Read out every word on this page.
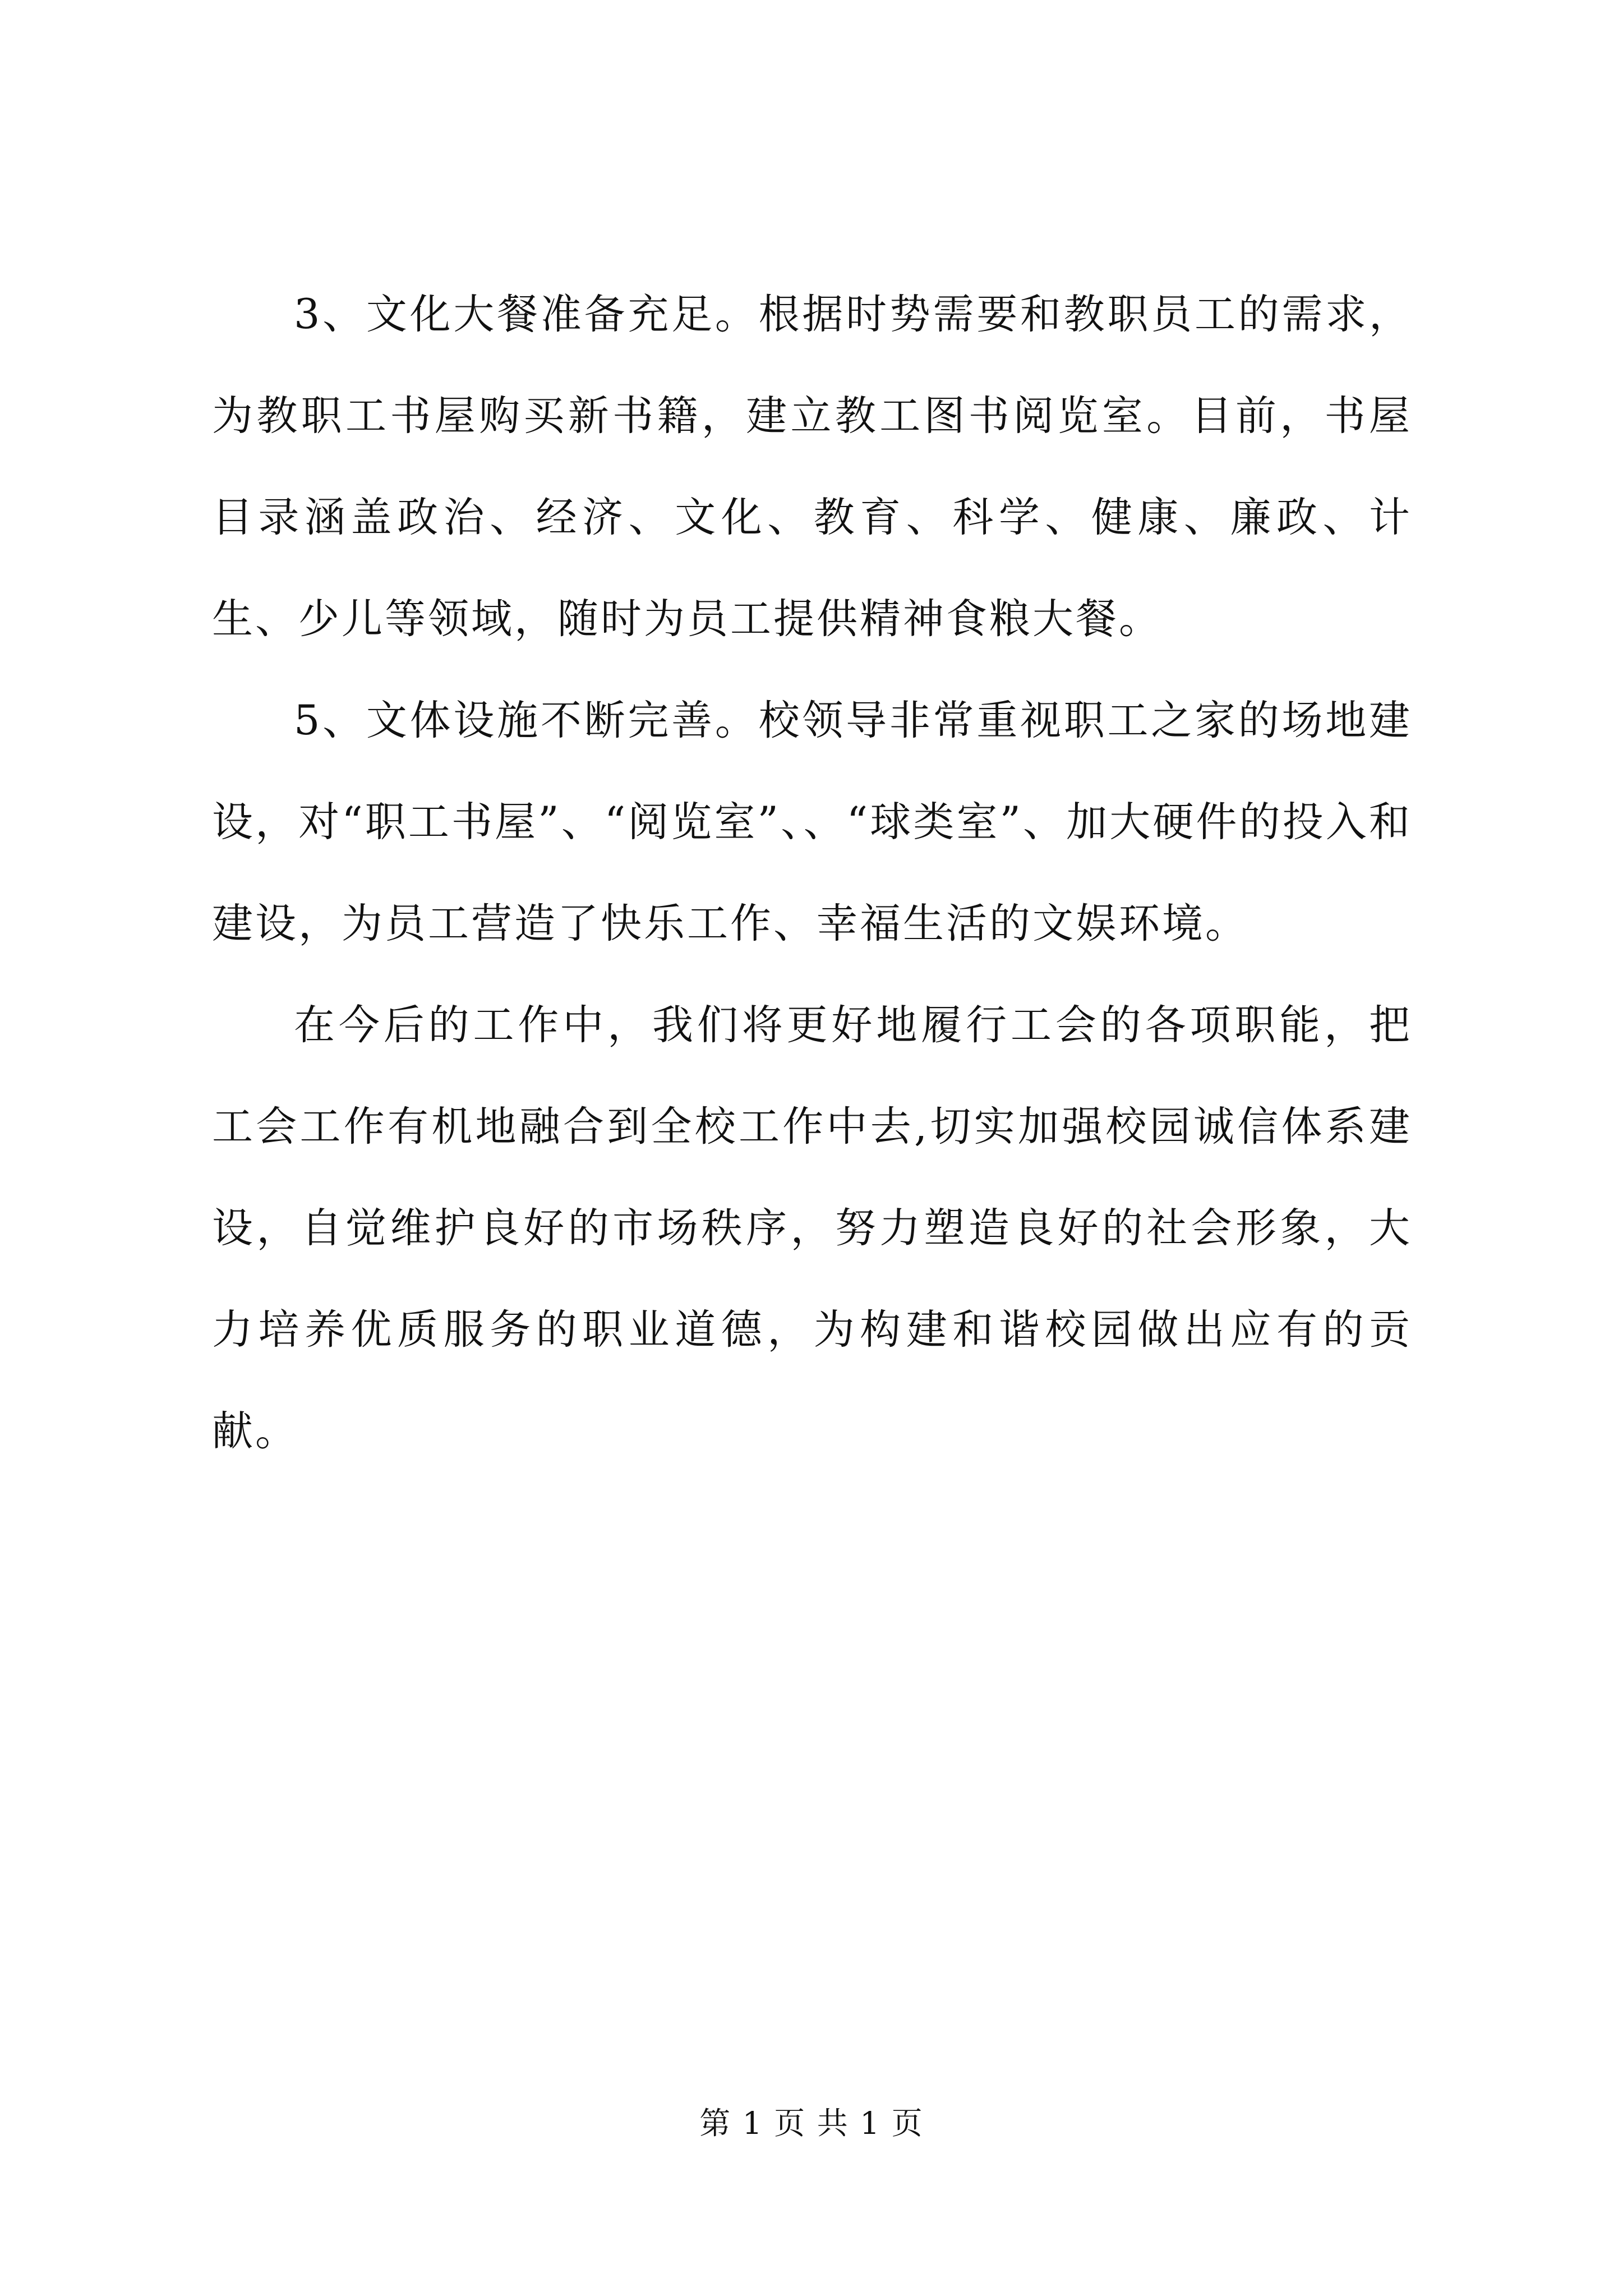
3、文化大餐准备充足。根据时势需要和教职员工的需求，为教职工书屋购买新书籍，建立教工图书阅览室。目前，书屋目录涵盖政治、经济、文化、教育、科学、健康、廉政、计生、少儿等领域，随时为员工提供精神食粮大餐。

5、文体设施不断完善。校领导非常重视职工之家的场地建设，对“职工书屋”、“阅览室”、、“球类室”、加大硬件的投入和建设，为员工营造了快乐工作、幸福生活的文娱环境。

在今后的工作中，我们将更好地履行工会的各项职能，把工会工作有机地融合到全校工作中去,切实加强校园诚信体系建设，自觉维护良好的市场秩序，努力塑造良好的社会形象，大力培养优质服务的职业道德，为构建和谐校园做出应有的贡献。

第 1 页 共 1 页
